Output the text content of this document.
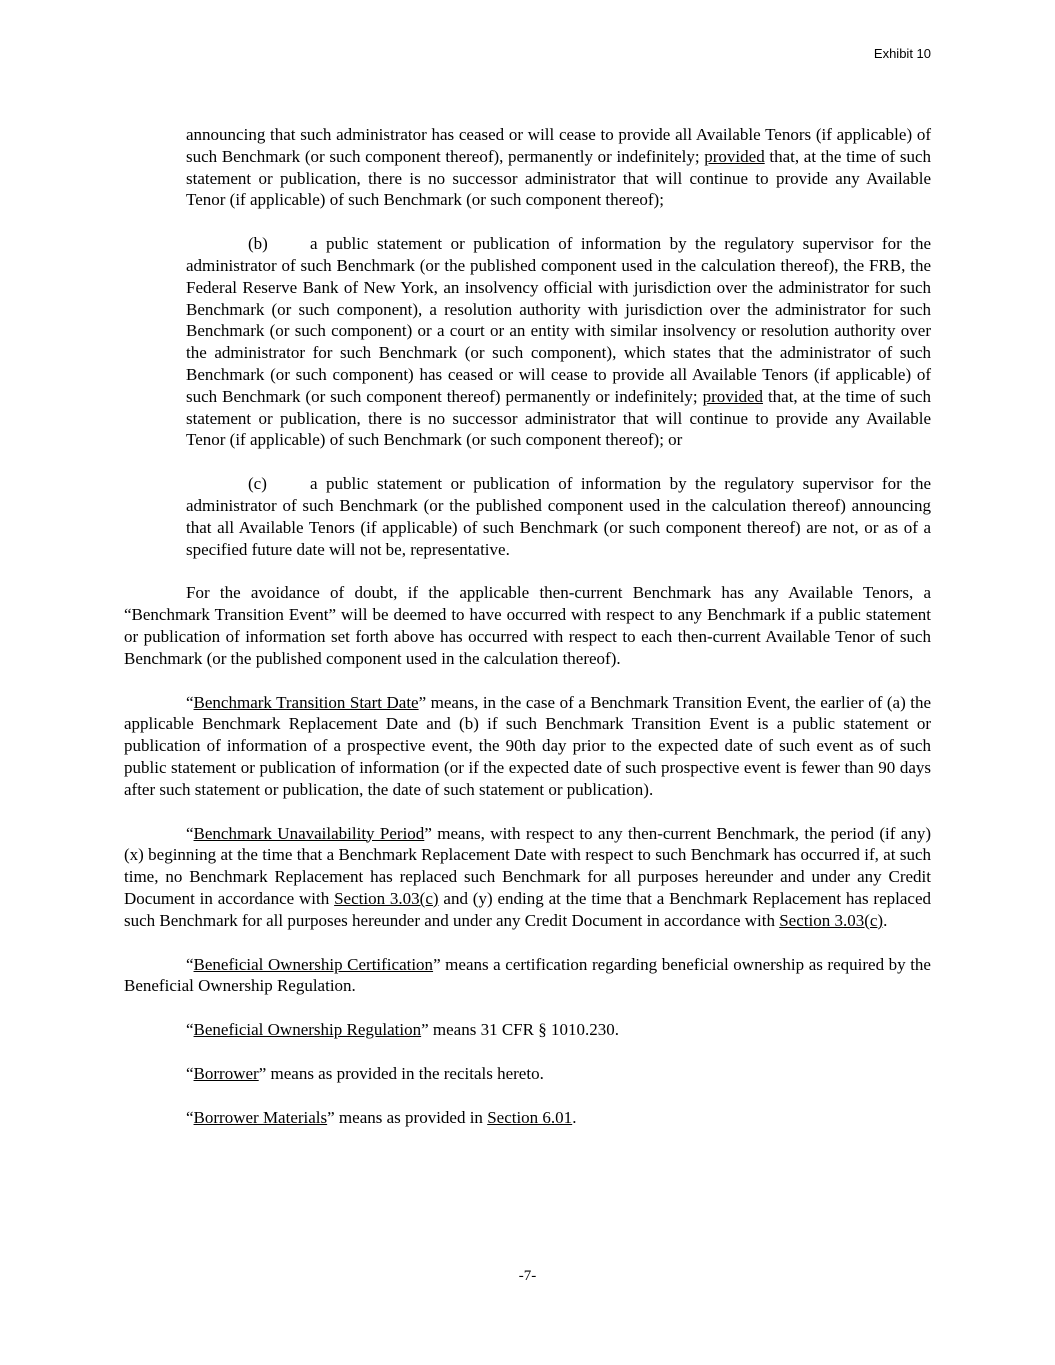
Exhibit 10

announcing that such administrator has ceased or will cease to provide all Available Tenors (if applicable) of such Benchmark (or such component thereof), permanently or indefinitely; provided that, at the time of such statement or publication, there is no successor administrator that will continue to provide any Available Tenor (if applicable) of such Benchmark (or such component thereof);

(b) a public statement or publication of information by the regulatory supervisor for the administrator of such Benchmark (or the published component used in the calculation thereof), the FRB, the Federal Reserve Bank of New York, an insolvency official with jurisdiction over the administrator for such Benchmark (or such component), a resolution authority with jurisdiction over the administrator for such Benchmark (or such component) or a court or an entity with similar insolvency or resolution authority over the administrator for such Benchmark (or such component), which states that the administrator of such Benchmark (or such component) has ceased or will cease to provide all Available Tenors (if applicable) of such Benchmark (or such component thereof) permanently or indefinitely; provided that, at the time of such statement or publication, there is no successor administrator that will continue to provide any Available Tenor (if applicable) of such Benchmark (or such component thereof); or

(c)	a public statement or publication of information by the regulatory supervisor for the administrator of such Benchmark (or the published component used in the calculation thereof) announcing that all Available Tenors (if applicable) of such Benchmark (or such component thereof) are not, or as of a specified future date will not be, representative.

For the avoidance of doubt, if the applicable then-current Benchmark has any Available Tenors, a “Benchmark Transition Event” will be deemed to have occurred with respect to any Benchmark if a public statement or publication of information set forth above has occurred with respect to each then-current Available Tenor of such Benchmark (or the published component used in the calculation thereof).

“Benchmark Transition Start Date” means, in the case of a Benchmark Transition Event, the earlier of (a) the applicable Benchmark Replacement Date and (b) if such Benchmark Transition Event is a public statement or publication of information of a prospective event, the 90th day prior to the expected date of such event as of such public statement or publication of information (or if the expected date of such prospective event is fewer than 90 days after such statement or publication, the date of such statement or publication).

“Benchmark Unavailability Period” means, with respect to any then-current Benchmark, the period (if any) (x) beginning at the time that a Benchmark Replacement Date with respect to such Benchmark has occurred if, at such time, no Benchmark Replacement has replaced such Benchmark for all purposes hereunder and under any Credit Document in accordance with Section 3.03(c) and (y) ending at the time that a Benchmark Replacement has replaced such Benchmark for all purposes hereunder and under any Credit Document in accordance with Section 3.03(c).

“Beneficial Ownership Certification” means a certification regarding beneficial ownership as required by the Beneficial Ownership Regulation.

“Beneficial Ownership Regulation” means 31 CFR § 1010.230.

“Borrower” means as provided in the recitals hereto.

“Borrower Materials” means as provided in Section 6.01.

-7-
